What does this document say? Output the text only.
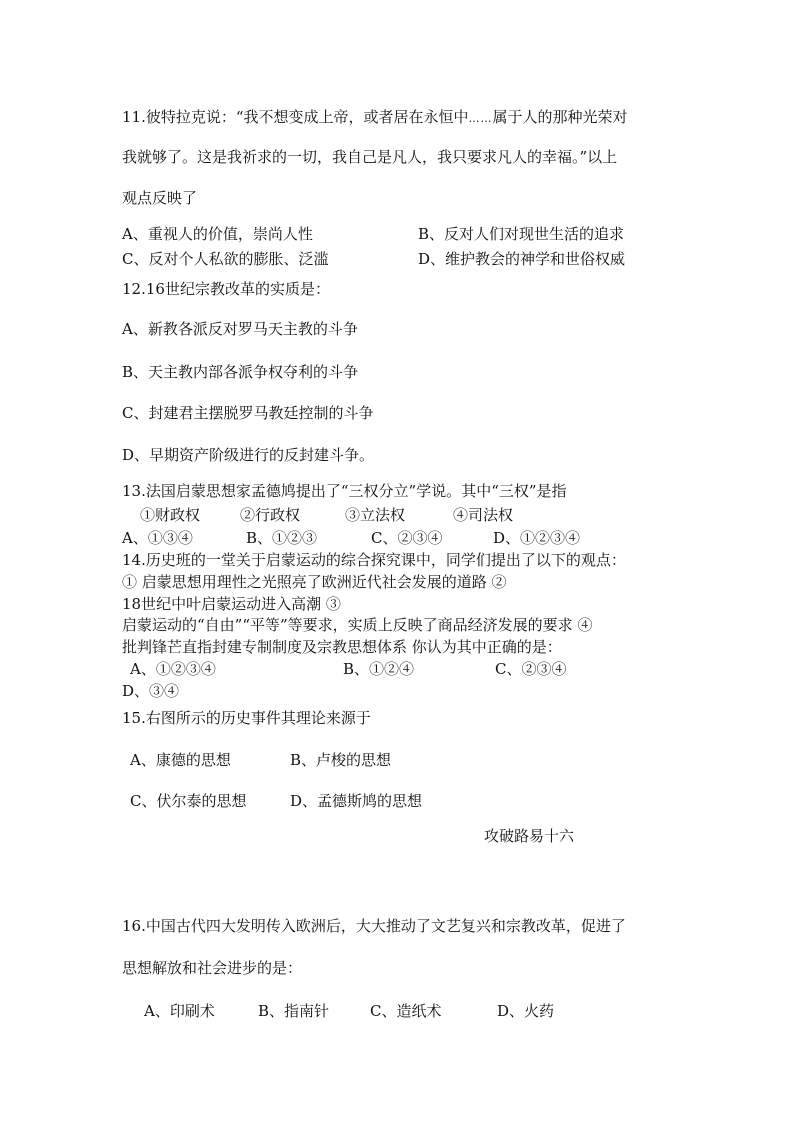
11.彼特拉克说：“我不想变成上帝，或者居在永恒中……属于人的那种光荣对
我就够了。这是我祈求的一切，我自己是凡人，我只要求凡人的幸福。”以上
观点反映了
A、重视人的价值，崇尚人性	B、反对人们对现世生活的追求
C、反对个人私欲的膨胀、泛滥	D、维护教会的神学和世俗权威
12.16世纪宗教改革的实质是：
A、新教各派反对罗马天主教的斗争
B、天主教内部各派争权夺利的斗争
C、封建君主摆脱罗马教廷控制的斗争
D、早期资产阶级进行的反封建斗争。
13.法国启蒙思想家孟德鸠提出了“三权分立”学说。其中“三权”是指
①财政权	②行政权	③立法权	④司法权
A、①③④	B、①②③	C、②③④	D、①②③④
14.历史班的一堂关于启蒙运动的综合探究课中，同学们提出了以下的观点：
① 启蒙思想用理性之光照亮了欧洲近代社会发展的道路 ②
18世纪中叶启蒙运动进入高潮 ③
启蒙运动的“自由”“平等”等要求，实质上反映了商品经济发展的要求 ④
批判锋芒直指封建专制制度及宗教思想体系 你认为其中正确的是：
A、①②③④	B、①②④	C、②③④
D、③④
15.右图所示的历史事件其理论来源于
A、康德的思想	B、卢梭的思想
C、伏尔泰的思想	D、孟德斯鸠的思想
攻破路易十六
16.中国古代四大发明传入欧洲后，大大推动了文艺复兴和宗教改革，促进了
思想解放和社会进步的是：
A、印刷术	B、指南针	C、造纸术	D、火药
